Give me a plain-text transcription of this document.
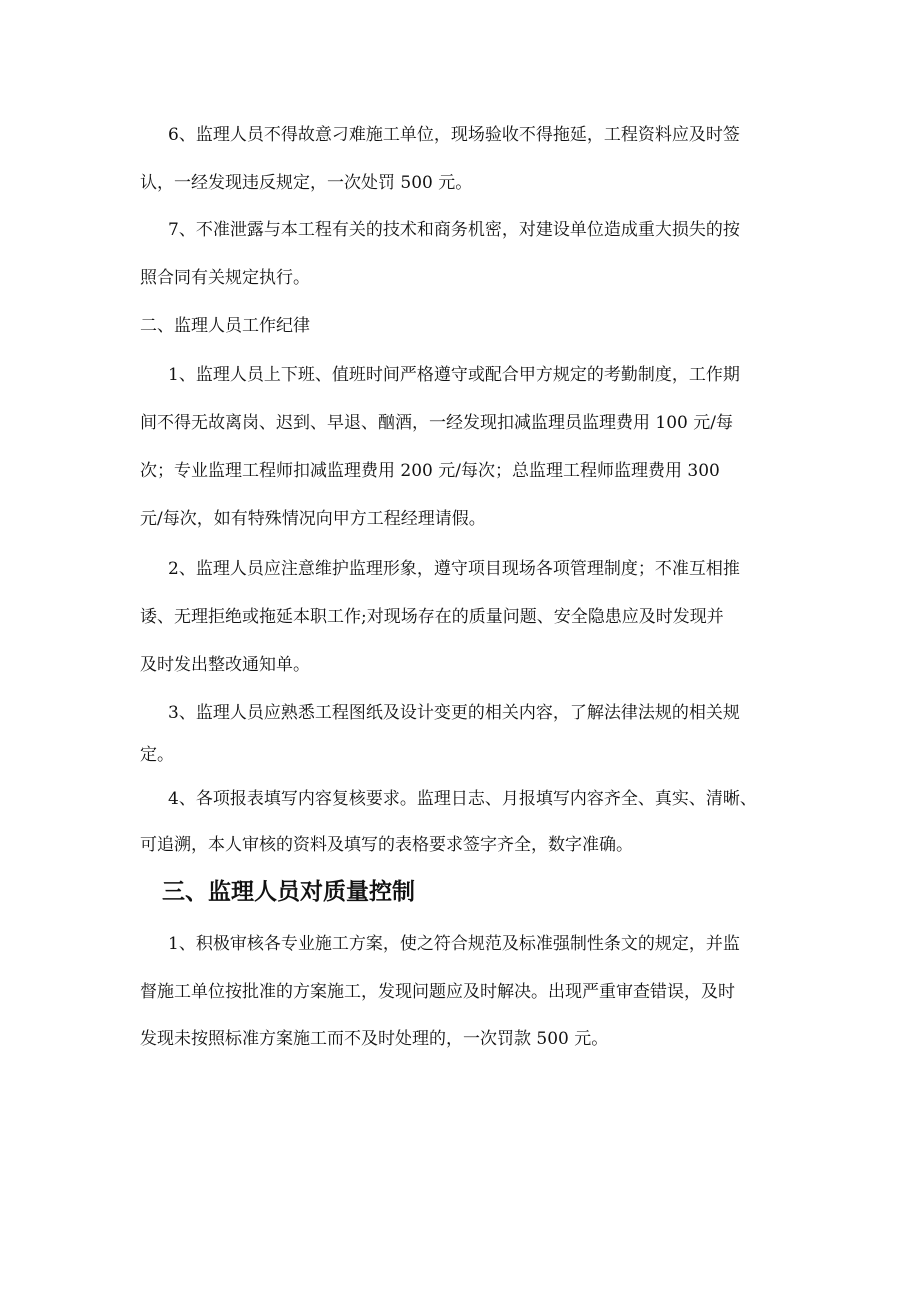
6、监理人员不得故意刁难施工单位，现场验收不得拖延，工程资料应及时签
认，一经发现违反规定，一次处罚 500 元。
7、不准泄露与本工程有关的技术和商务机密，对建设单位造成重大损失的按
照合同有关规定执行。
二、监理人员工作纪律
1、监理人员上下班、值班时间严格遵守或配合甲方规定的考勤制度，工作期
间不得无故离岗、迟到、早退、酗酒，一经发现扣减监理员监理费用 100 元/每
次；专业监理工程师扣减监理费用 200 元/每次；总监理工程师监理费用 300
元/每次，如有特殊情况向甲方工程经理请假。
2、监理人员应注意维护监理形象，遵守项目现场各项管理制度；不准互相推
诿、无理拒绝或拖延本职工作;对现场存在的质量问题、安全隐患应及时发现并
及时发出整改通知单。
3、监理人员应熟悉工程图纸及设计变更的相关内容，了解法律法规的相关规
定。
4、各项报表填写内容复核要求。监理日志、月报填写内容齐全、真实、清晰、
可追溯，本人审核的资料及填写的表格要求签字齐全，数字准确。
三、监理人员对质量控制
1、积极审核各专业施工方案，使之符合规范及标准强制性条文的规定，并监
督施工单位按批准的方案施工，发现问题应及时解决。出现严重审查错误，及时
发现未按照标准方案施工而不及时处理的，一次罚款 500 元。
